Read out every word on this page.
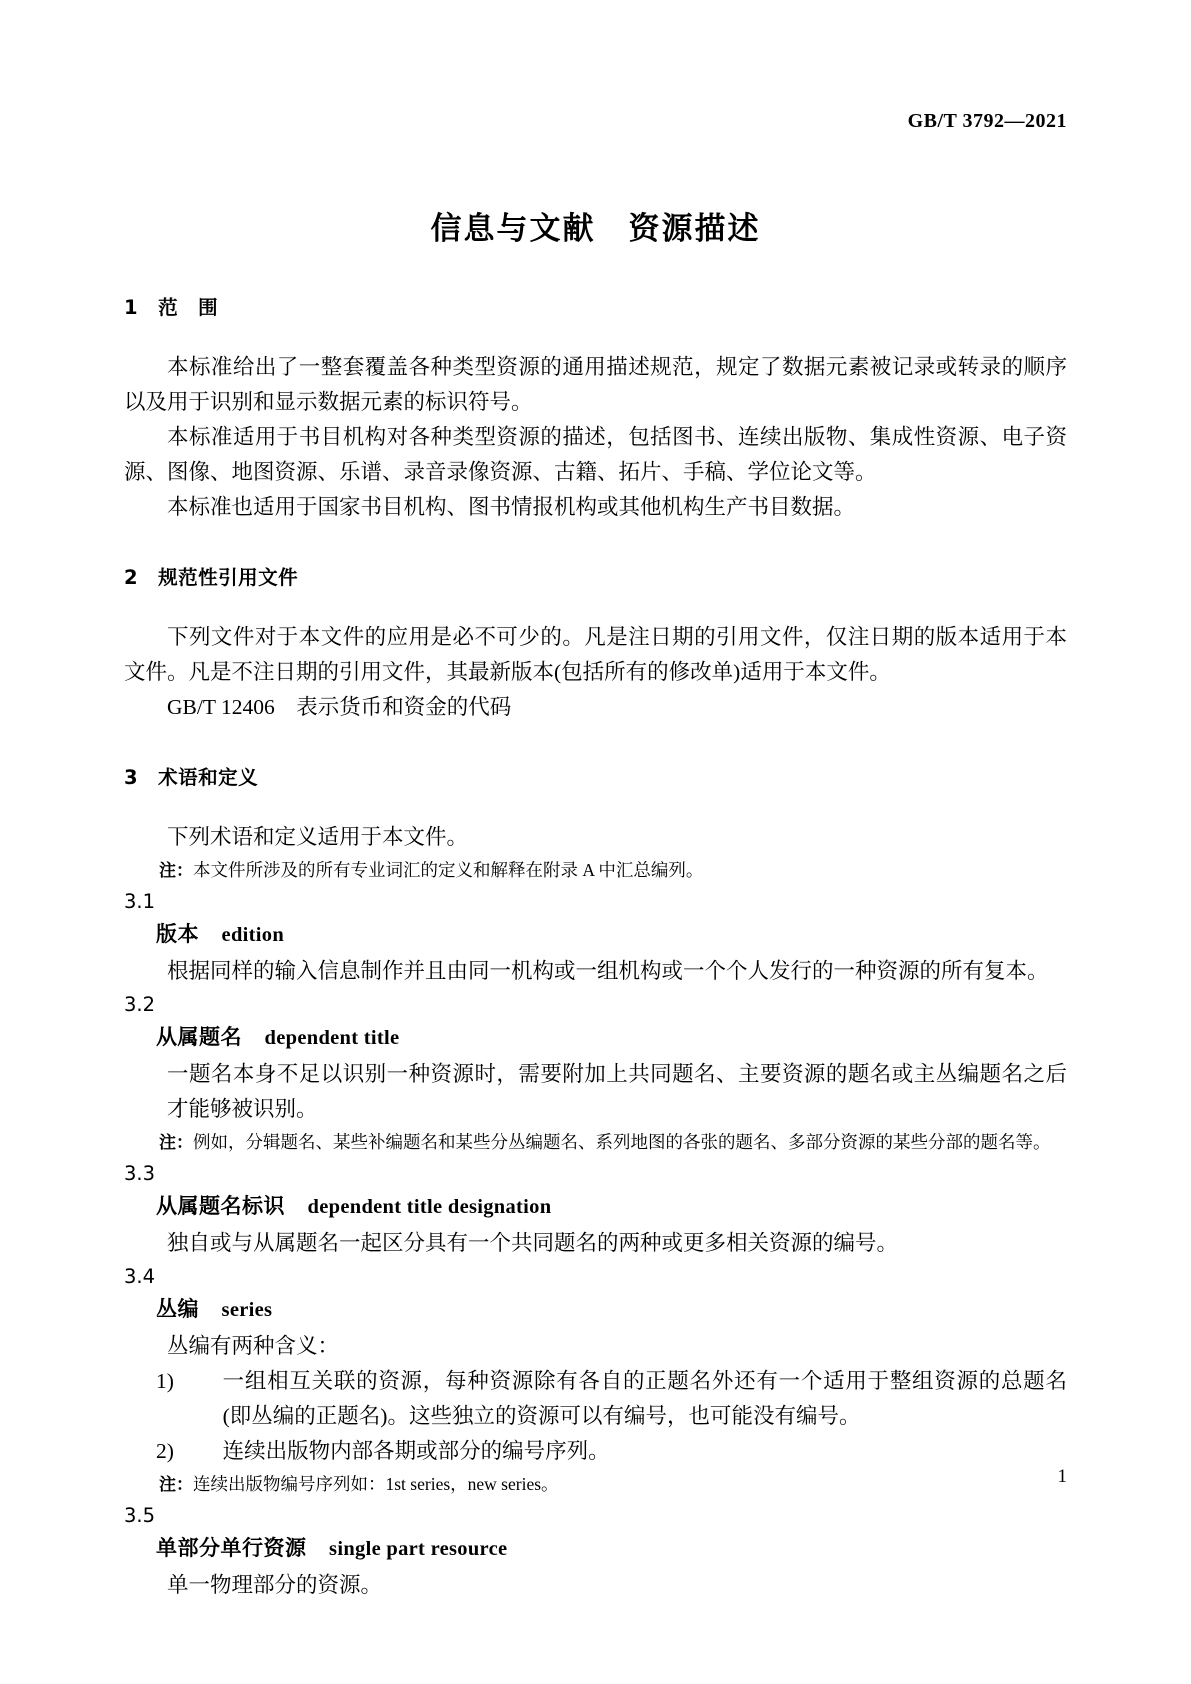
GB/T 3792—2021
信息与文献　资源描述
1　范　围

本标准给出了一整套覆盖各种类型资源的通用描述规范，规定了数据元素被记录或转录的顺序以及用于识别和显示数据元素的标识符号。

本标准适用于书目机构对各种类型资源的描述，包括图书、连续出版物、集成性资源、电子资源、图像、地图资源、乐谱、录音录像资源、古籍、拓片、手稿、学位论文等。

本标准也适用于国家书目机构、图书情报机构或其他机构生产书目数据。

2　规范性引用文件

下列文件对于本文件的应用是必不可少的。凡是注日期的引用文件，仅注日期的版本适用于本文件。凡是不注日期的引用文件，其最新版本(包括所有的修改单)适用于本文件。

GB/T 12406　表示货币和资金的代码

3　术语和定义

下列术语和定义适用于本文件。

注：本文件所涉及的所有专业词汇的定义和解释在附录 A 中汇总编列。

3.1
版本 edition

根据同样的输入信息制作并且由同一机构或一组机构或一个个人发行的一种资源的所有复本。

3.2
从属题名 dependent title

一题名本身不足以识别一种资源时，需要附加上共同题名、主要资源的题名或主丛编题名之后才能够被识别。

注：例如，分辑题名、某些补编题名和某些分丛编题名、系列地图的各张的题名、多部分资源的某些分部的题名等。

3.3
从属题名标识 dependent title designation

独自或与从属题名一起区分具有一个共同题名的两种或更多相关资源的编号。

3.4
丛编 series

丛编有两种含义：

1)	一组相互关联的资源，每种资源除有各自的正题名外还有一个适用于整组资源的总题名(即丛编的正题名)。这些独立的资源可以有编号，也可能没有编号。
2)	连续出版物内部各期或部分的编号序列。

注：连续出版物编号序列如：1st series，new series。

3.5
单部分单行资源 single part resource

单一物理部分的资源。

1
